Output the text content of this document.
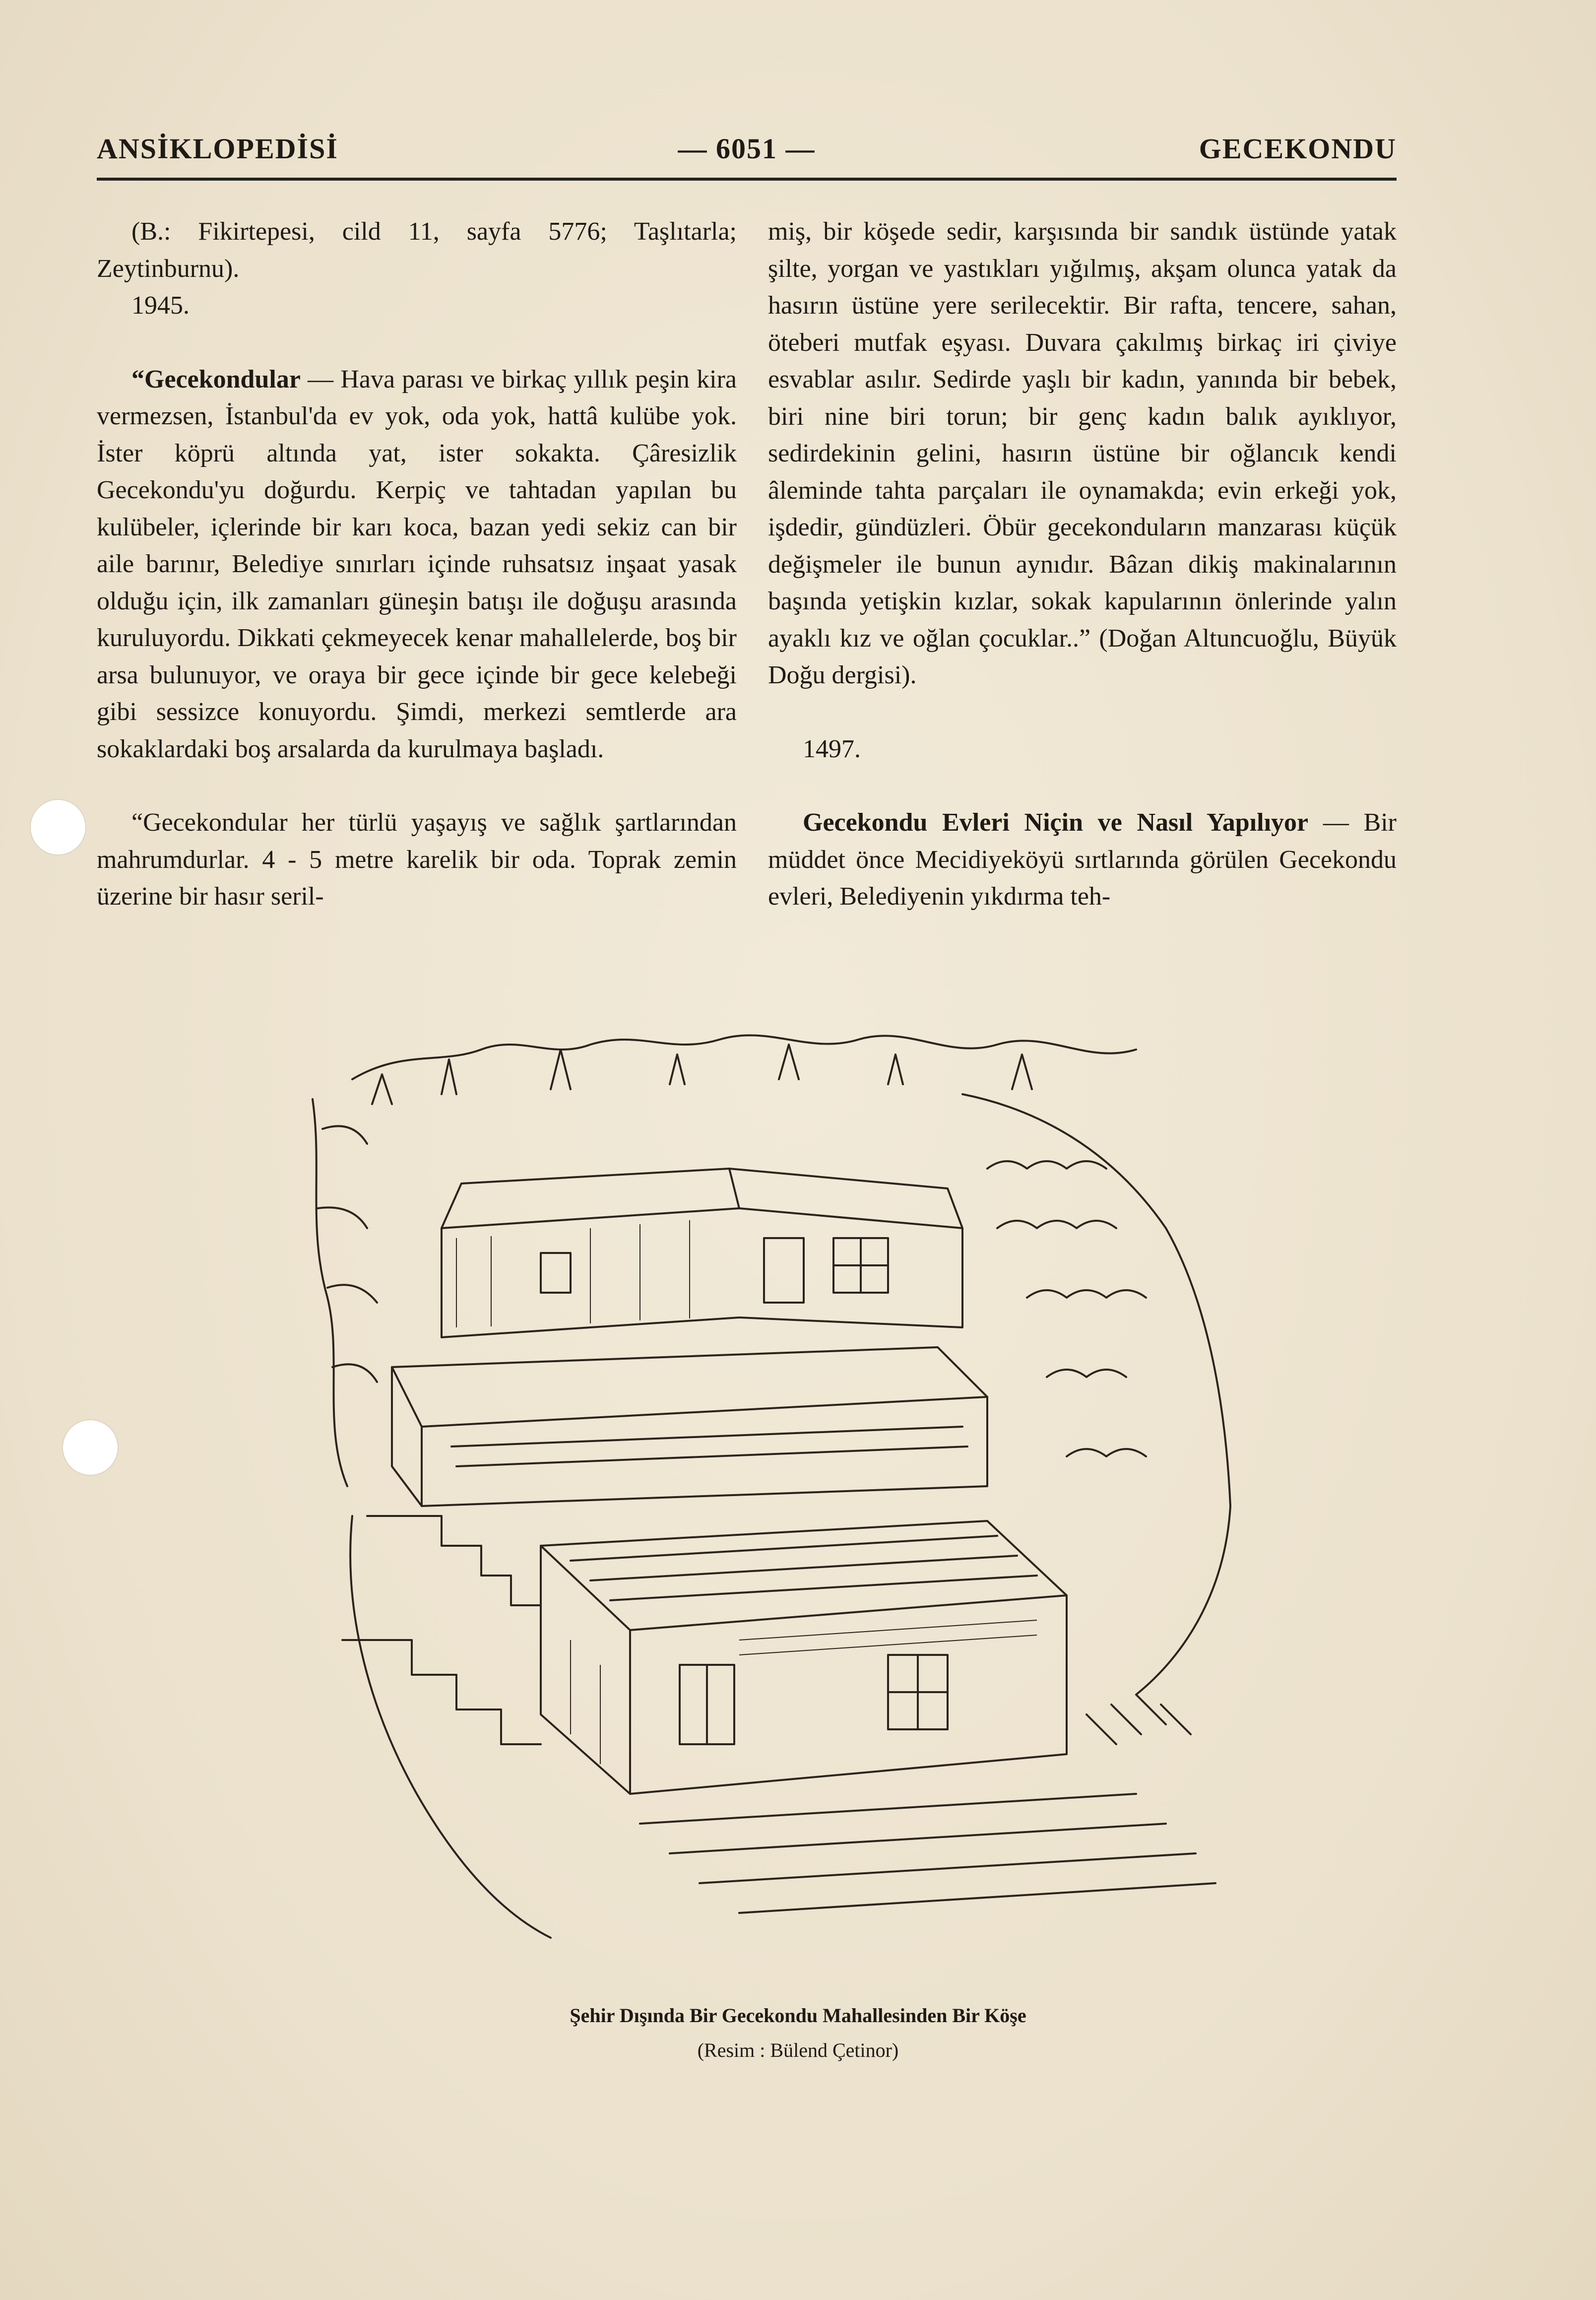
ANSİKLOPEDİSİ	— 6051 —	GECEKONDU

(B.: Fikirtepesi, cild 11, sayfa 5776; Taşlıtarla; Zeytinburnu).

1945.

“Gecekondular — Hava parası ve birkaç yıllık peşin kira vermezsen, İstanbul'da ev yok, oda yok, hattâ kulübe yok. İster köprü altında yat, ister sokakta. Çâresizlik Gecekondu'yu doğurdu. Kerpiç ve tahtadan yapılan bu kulübeler, içlerinde bir karı koca, bazan yedi sekiz can bir aile barınır, Belediye sınırları içinde ruhsatsız inşaat yasak olduğu için, ilk zamanları güneşin batışı ile doğuşu arasında kuruluyordu. Dikkati çekmeyecek kenar mahallelerde, boş bir arsa bulunuyor, ve oraya bir gece içinde bir gece kelebeği gibi sessizce konuyordu. Şimdi, merkezi semtlerde ara sokaklardaki boş arsalarda da kurulmaya başladı.

“Gecekondular her türlü yaşayış ve sağlık şartlarından mahrumdurlar. 4 - 5 metre karelik bir oda. Toprak zemin üzerine bir hasır seril-

miş, bir köşede sedir, karşısında bir sandık üstünde yatak şilte, yorgan ve yastıkları yığılmış, akşam olunca yatak da hasırın üstüne yere serilecektir. Bir rafta, tencere, sahan, öteberi mutfak eşyası. Duvara çakılmış birkaç iri çiviye esvablar asılır. Sedirde yaşlı bir kadın, yanında bir bebek, biri nine biri torun; bir genç kadın balık ayıklıyor, sedirdekinin gelini, hasırın üstüne bir oğlancık kendi âleminde tahta parçaları ile oynamakda; evin erkeği yok, işdedir, gündüzleri. Öbür gecekonduların manzarası küçük değişmeler ile bunun aynıdır. Bâzan dikiş makinalarının başında yetişkin kızlar, sokak kapularının önlerinde yalın ayaklı kız ve oğlan çocuklar..” (Doğan Altuncuoğlu, Büyük Doğu dergisi).

1497.

Gecekondu Evleri Niçin ve Nasıl Yapılıyor — Bir müddet önce Mecidiyeköyü sırtlarında görülen Gecekondu evleri, Belediyenin yıkdırma teh-

Şehir Dışında Bir Gecekondu Mahallesinden Bir Köşe
(Resim : Bülend Çetinor)
